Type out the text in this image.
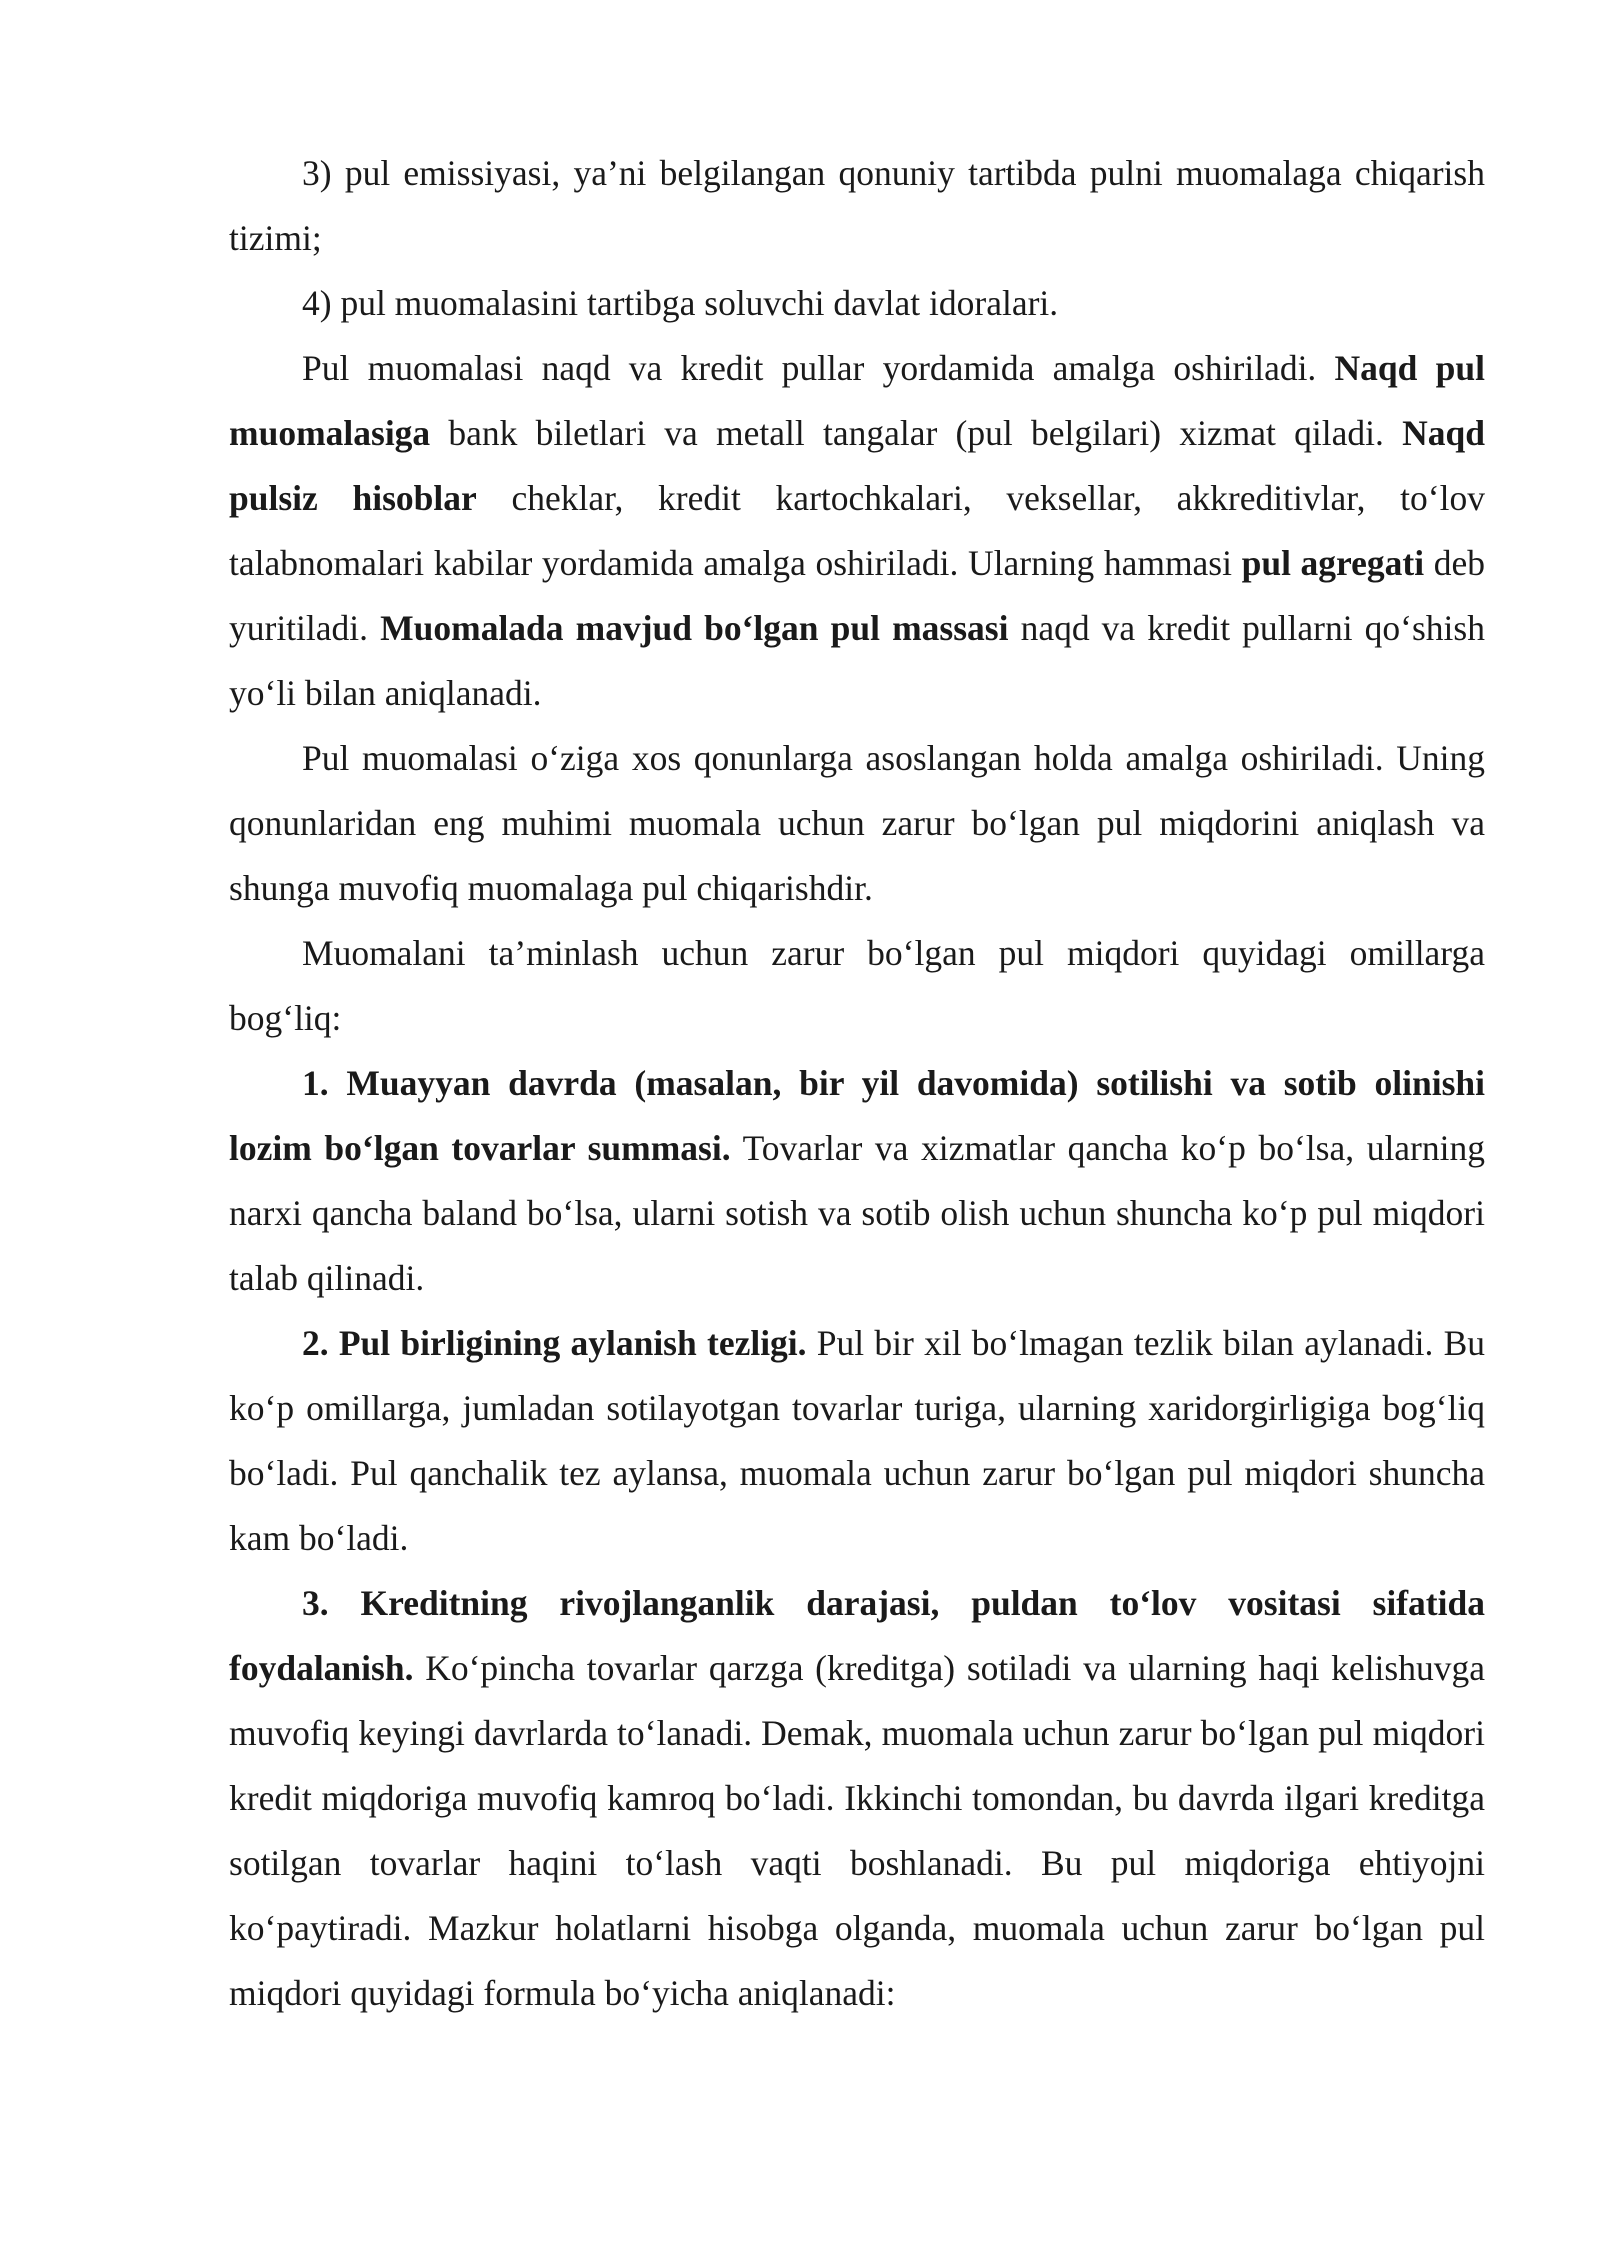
3) pul emissiyasi, ya’ni belgilangan qonuniy tartibda pulni muomalaga chiqarish tizimi;

4) pul muomalasini tartibga soluvchi davlat idoralari.

Pul muomalasi naqd va kredit pullar yordamida amalga oshiriladi. Naqd pul muomalasiga bank biletlari va metall tangalar (pul belgilari) xizmat qiladi. Naqd pulsiz hisoblar cheklar, kredit kartochkalari, veksellar, akkreditivlar, to‘lov talabnomalari kabilar yordamida amalga oshiriladi. Ularning hammasi pul agregati deb yuritiladi. Muomalada mavjud bo‘lgan pul massasi naqd va kredit pullarni qo‘shish yo‘li bilan aniqlanadi.

Pul muomalasi o‘ziga xos qonunlarga asoslangan holda amalga oshiriladi. Uning qonunlaridan eng muhimi muomala uchun zarur bo‘lgan pul miqdorini aniqlash va shunga muvofiq muomalaga pul chiqarishdir.

Muomalani ta’minlash uchun zarur bo‘lgan pul miqdori quyidagi omillarga bog‘liq:

1. Muayyan davrda (masalan, bir yil davomida) sotilishi va sotib olinishi lozim bo‘lgan tovarlar summasi. Tovarlar va xizmatlar qancha ko‘p bo‘lsa, ularning narxi qancha baland bo‘lsa, ularni sotish va sotib olish uchun shuncha ko‘p pul miqdori talab qilinadi.

2. Pul birligining aylanish tezligi. Pul bir xil bo‘lmagan tezlik bilan aylanadi. Bu ko‘p omillarga, jumladan sotilayotgan tovarlar turiga, ularning xaridorgirligiga bog‘liq bo‘ladi. Pul qanchalik tez aylansa, muomala uchun zarur bo‘lgan pul miqdori shuncha kam bo‘ladi.

3. Kreditning rivojlanganlik darajasi, puldan to‘lov vositasi sifatida foydalanish. Ko‘pincha tovarlar qarzga (kreditga) sotiladi va ularning haqi kelishuvga muvofiq keyingi davrlarda to‘lanadi. Demak, muomala uchun zarur bo‘lgan pul miqdori kredit miqdoriga muvofiq kamroq bo‘ladi. Ikkinchi tomondan, bu davrda ilgari kreditga sotilgan tovarlar haqini to‘lash vaqti boshlanadi. Bu pul miqdoriga ehtiyojni ko‘paytiradi. Mazkur holatlarni hisobga olganda, muomala uchun zarur bo‘lgan pul miqdori quyidagi formula bo‘yicha aniqlanadi:
